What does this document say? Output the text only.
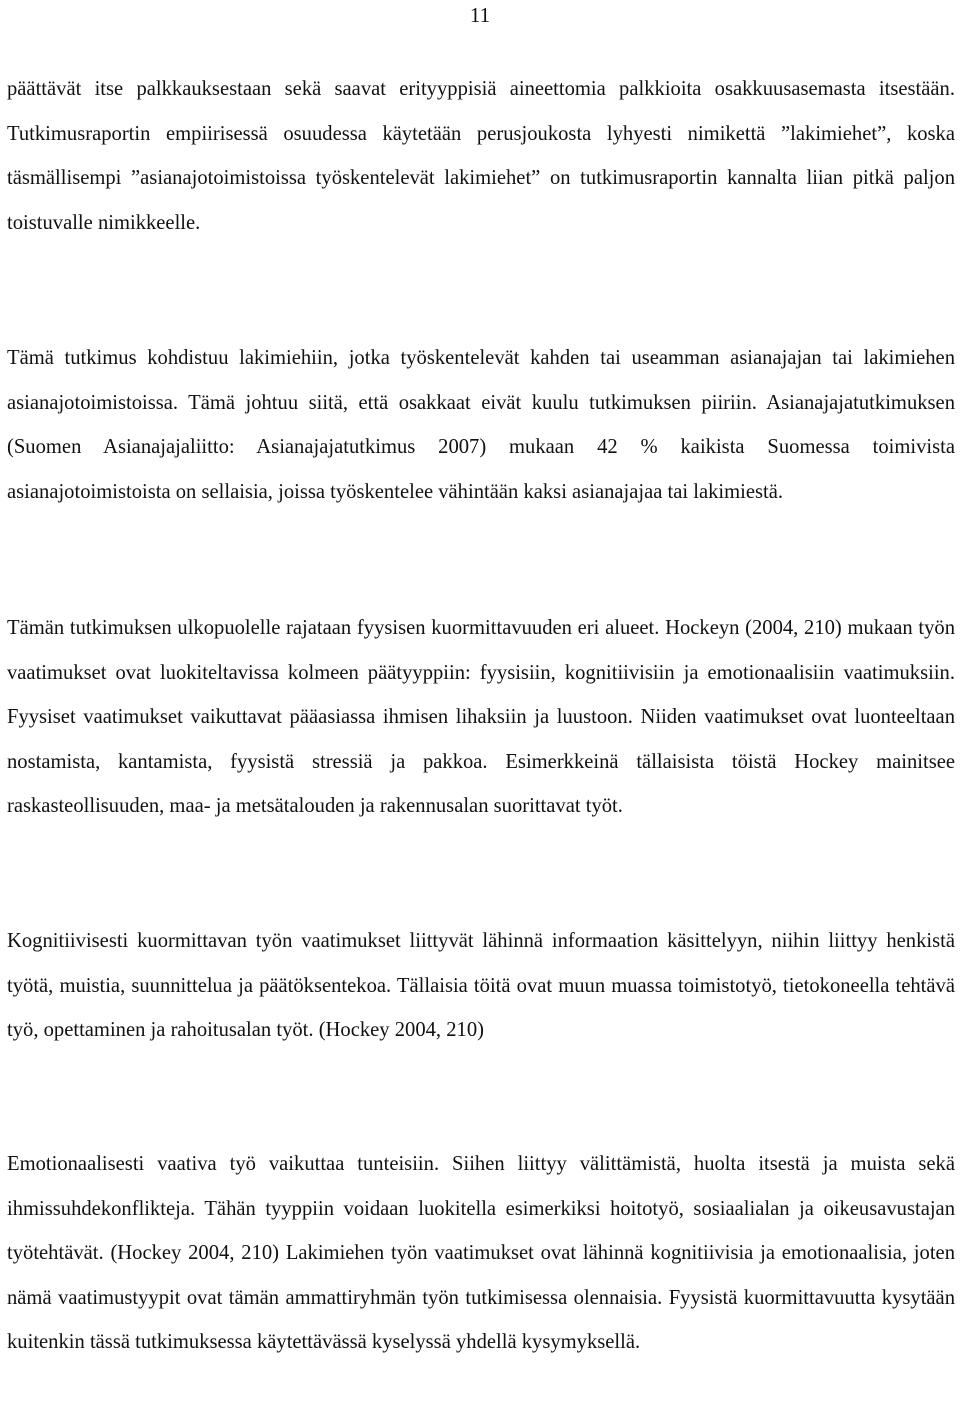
11

päättävät itse palkkauksestaan sekä saavat erityyppisiä aineettomia palkkioita osakkuusasemasta itsestään. Tutkimusraportin empiirisessä osuudessa käytetään perusjoukosta lyhyesti nimikettä ”lakimiehet”, koska täsmällisempi ”asianajotoimistoissa työskentelevät lakimiehet” on tutkimusraportin kannalta liian pitkä paljon toistuvalle nimikkeelle.

Tämä tutkimus kohdistuu lakimiehiin, jotka työskentelevät kahden tai useamman asianajajan tai lakimiehen asianajotoimistoissa. Tämä johtuu siitä, että osakkaat eivät kuulu tutkimuksen piiriin. Asianajajatutkimuksen (Suomen Asianajajaliitto: Asianajajatutkimus 2007) mukaan 42 % kaikista Suomessa toimivista asianajotoimistoista on sellaisia, joissa työskentelee vähintään kaksi asianajajaa tai lakimiestä.

Tämän tutkimuksen ulkopuolelle rajataan fyysisen kuormittavuuden eri alueet. Hockeyn (2004, 210) mukaan työn vaatimukset ovat luokiteltavissa kolmeen päätyyppiin: fyysisiin, kognitiivisiin ja emotionaalisiin vaatimuksiin. Fyysiset vaatimukset vaikuttavat pääasiassa ihmisen lihaksiin ja luustoon. Niiden vaatimukset ovat luonteeltaan nostamista, kantamista, fyysistä stressiä ja pakkoa. Esimerkkeinä tällaisista töistä Hockey mainitsee raskasteollisuuden, maa- ja metsätalouden ja rakennusalan suorittavat työt.

Kognitiivisesti kuormittavan työn vaatimukset liittyvät lähinnä informaation käsittelyyn, niihin liittyy henkistä työtä, muistia, suunnittelua ja päätöksentekoa. Tällaisia töitä ovat muun muassa toimistotyö, tietokoneella tehtävä työ, opettaminen ja rahoitusalan työt. (Hockey 2004, 210)

Emotionaalisesti vaativa työ vaikuttaa tunteisiin. Siihen liittyy välittämistä, huolta itsestä ja muista sekä ihmissuhdekonflikteja. Tähän tyyppiin voidaan luokitella esimerkiksi hoitotyö, sosiaalialan ja oikeusavustajan työtehtävät. (Hockey 2004, 210) Lakimiehen työn vaatimukset ovat lähinnä kognitiivisia ja emotionaalisia, joten nämä vaatimustyypit ovat tämän ammattiryhmän työn tutkimisessa olennaisia. Fyysistä kuormittavuutta kysytään kuitenkin tässä tutkimuksessa käytettävässä kyselyssä yhdellä kysymyksellä.
